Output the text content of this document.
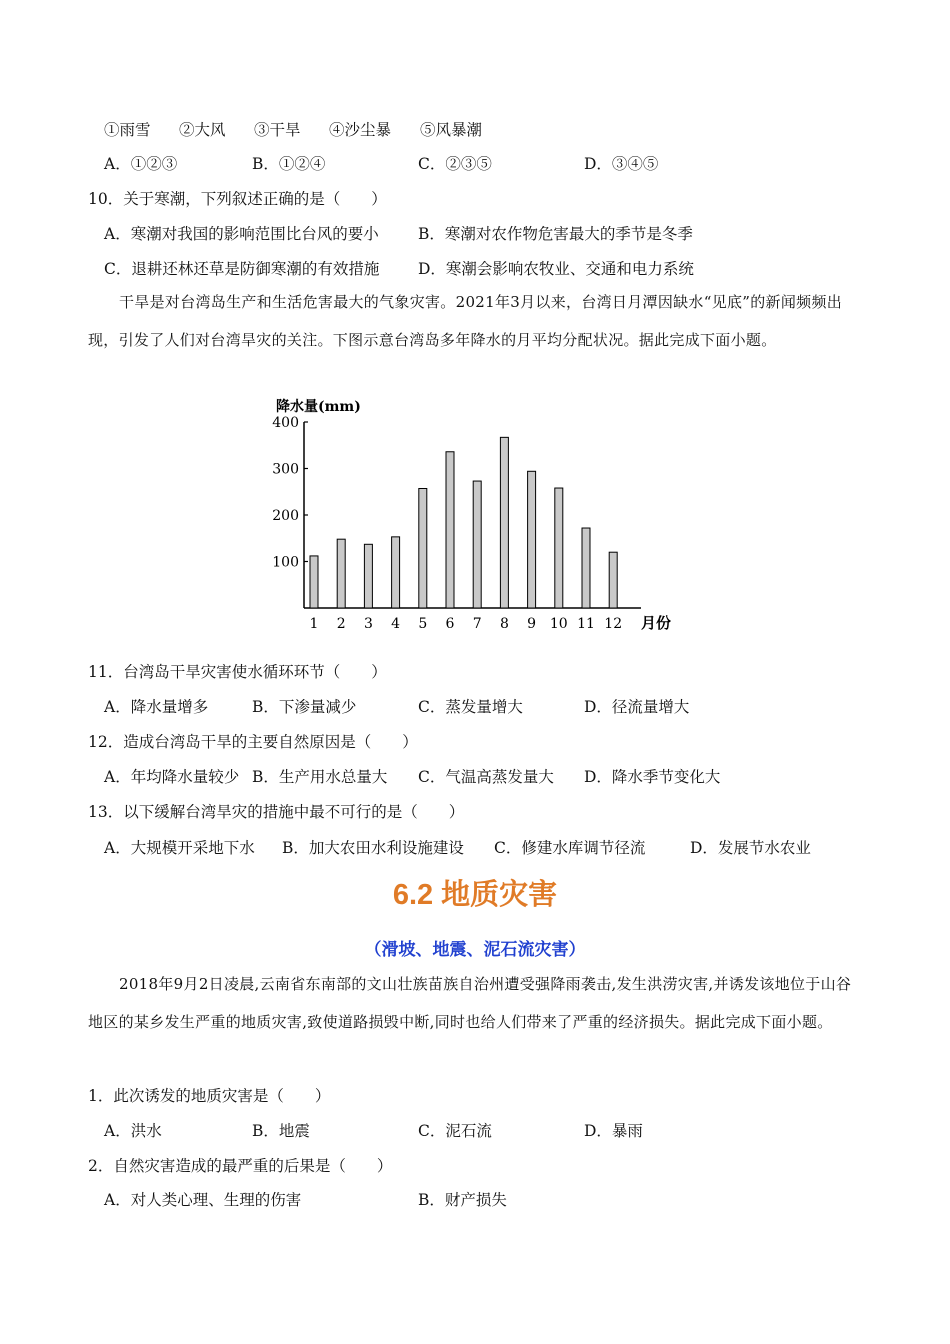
①雨雪 ②大风 ③干旱 ④沙尘暴 ⑤风暴潮
A．①②③	B．①②④	C．②③⑤	D．③④⑤
10．关于寒潮，下列叙述正确的是（　　）
A．寒潮对我国的影响范围比台风的要小	B．寒潮对农作物危害最大的季节是冬季
C．退耕还林还草是防御寒潮的有效措施 D．寒潮会影响农牧业、交通和电力系统
干旱是对台湾岛生产和生活危害最大的气象灾害。2021年3月以来，台湾日月潭因缺水“见底”的新闻频频出现，引发了人们对台湾旱灾的关注。下图示意台湾岛多年降水的月平均分配状况。据此完成下面小题。
降水量(mm)
100
200
300
400
1 2 3 4 5 6 7 8 9 10 11 12 月份
11．台湾岛干旱灾害使水循环环节（　　）
A．降水量增多	B．下渗量减少	C．蒸发量增大	D．径流量增大
12．造成台湾岛干旱的主要自然原因是（　　）
A．年均降水量较少 B．生产用水总量大 C．气温高蒸发量大 D．降水季节变化大
13．以下缓解台湾旱灾的措施中最不可行的是（　　）
A．大规模开采地下水 B．加大农田水利设施建设 C．修建水库调节径流	D．发展节水农业
6.2 地质灾害
（滑坡、地震、泥石流灾害）
2018年9月2日凌晨,云南省东南部的文山壮族苗族自治州遭受强降雨袭击,发生洪涝灾害,并诱发该地位于山谷地区的某乡发生严重的地质灾害,致使道路损毁中断,同时也给人们带来了严重的经济损失。据此完成下面小题。
1．此次诱发的地质灾害是（　　）
A．洪水	B．地震	C．泥石流	D．暴雨
2．自然灾害造成的最严重的后果是（　　）
A．对人类心理、生理的伤害	B．财产损失
